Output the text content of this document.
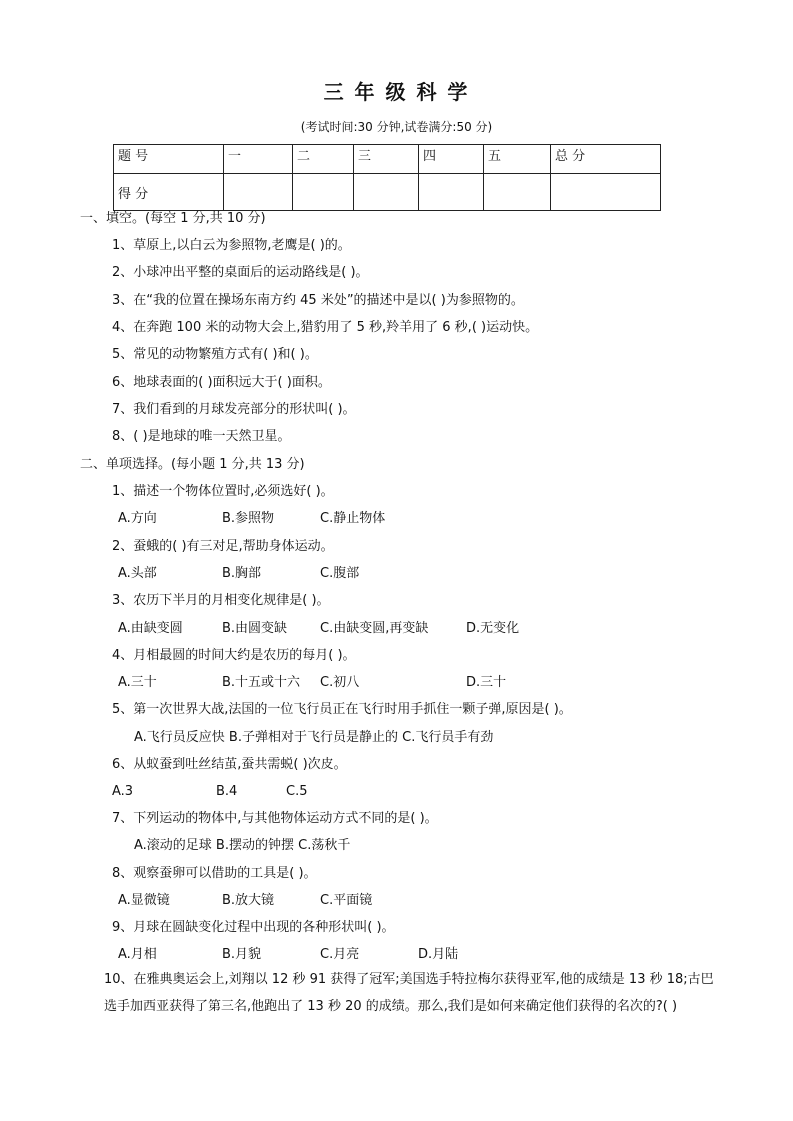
三 年 级 科 学
(考试时间:30 分钟,试卷满分:50 分)
题 号	一	二	三	四	五	总 分
得 分						
一、填空。(每空 1 分,共 10 分)
1、草原上,以白云为参照物,老鹰是( )的。
2、小球冲出平整的桌面后的运动路线是( )。
3、在“我的位置在操场东南方约 45 米处”的描述中是以( )为参照物的。
4、在奔跑 100 米的动物大会上,猎豹用了 5 秒,羚羊用了 6 秒,( )运动快。
5、常见的动物繁殖方式有( )和( )。
6、地球表面的( )面积远大于( )面积。
7、我们看到的月球发亮部分的形状叫( )。
8、( )是地球的唯一天然卫星。
二、单项选择。(每小题 1 分,共 13 分)
1、描述一个物体位置时,必须选好( )。
A.方向	B.参照物	C.静止物体
2、蚕蛾的( )有三对足,帮助身体运动。
A.头部	B.胸部	C.腹部
3、农历下半月的月相变化规律是( )。
A.由缺变圆	B.由圆变缺	C.由缺变圆,再变缺	D.无变化
4、月相最圆的时间大约是农历的每月( )。
A.三十	B.十五或十六 C.初八	D.三十
5、第一次世界大战,法国的一位飞行员正在飞行时用手抓住一颗子弹,原因是( )。
A.飞行员反应快 B.子弹相对于飞行员是静止的 C.飞行员手有劲
6、从蚁蚕到吐丝结茧,蚕共需蜕( )次皮。
A.3	B.4	C.5
7、下列运动的物体中,与其他物体运动方式不同的是( )。
A.滚动的足球 B.摆动的钟摆 C.荡秋千
8、观察蚕卵可以借助的工具是( )。
A.显微镜	B.放大镜	C.平面镜
9、月球在圆缺变化过程中出现的各种形状叫( )。
A.月相	B.月貌	C.月亮	D.月陆
10、在雅典奥运会上,刘翔以 12 秒 91 获得了冠军;美国选手特拉梅尔获得亚军,他的成绩是 13 秒 18;古巴选手加西亚获得了第三名,他跑出了 13 秒 20 的成绩。那么,我们是如何来确定他们获得的名次的?( )
